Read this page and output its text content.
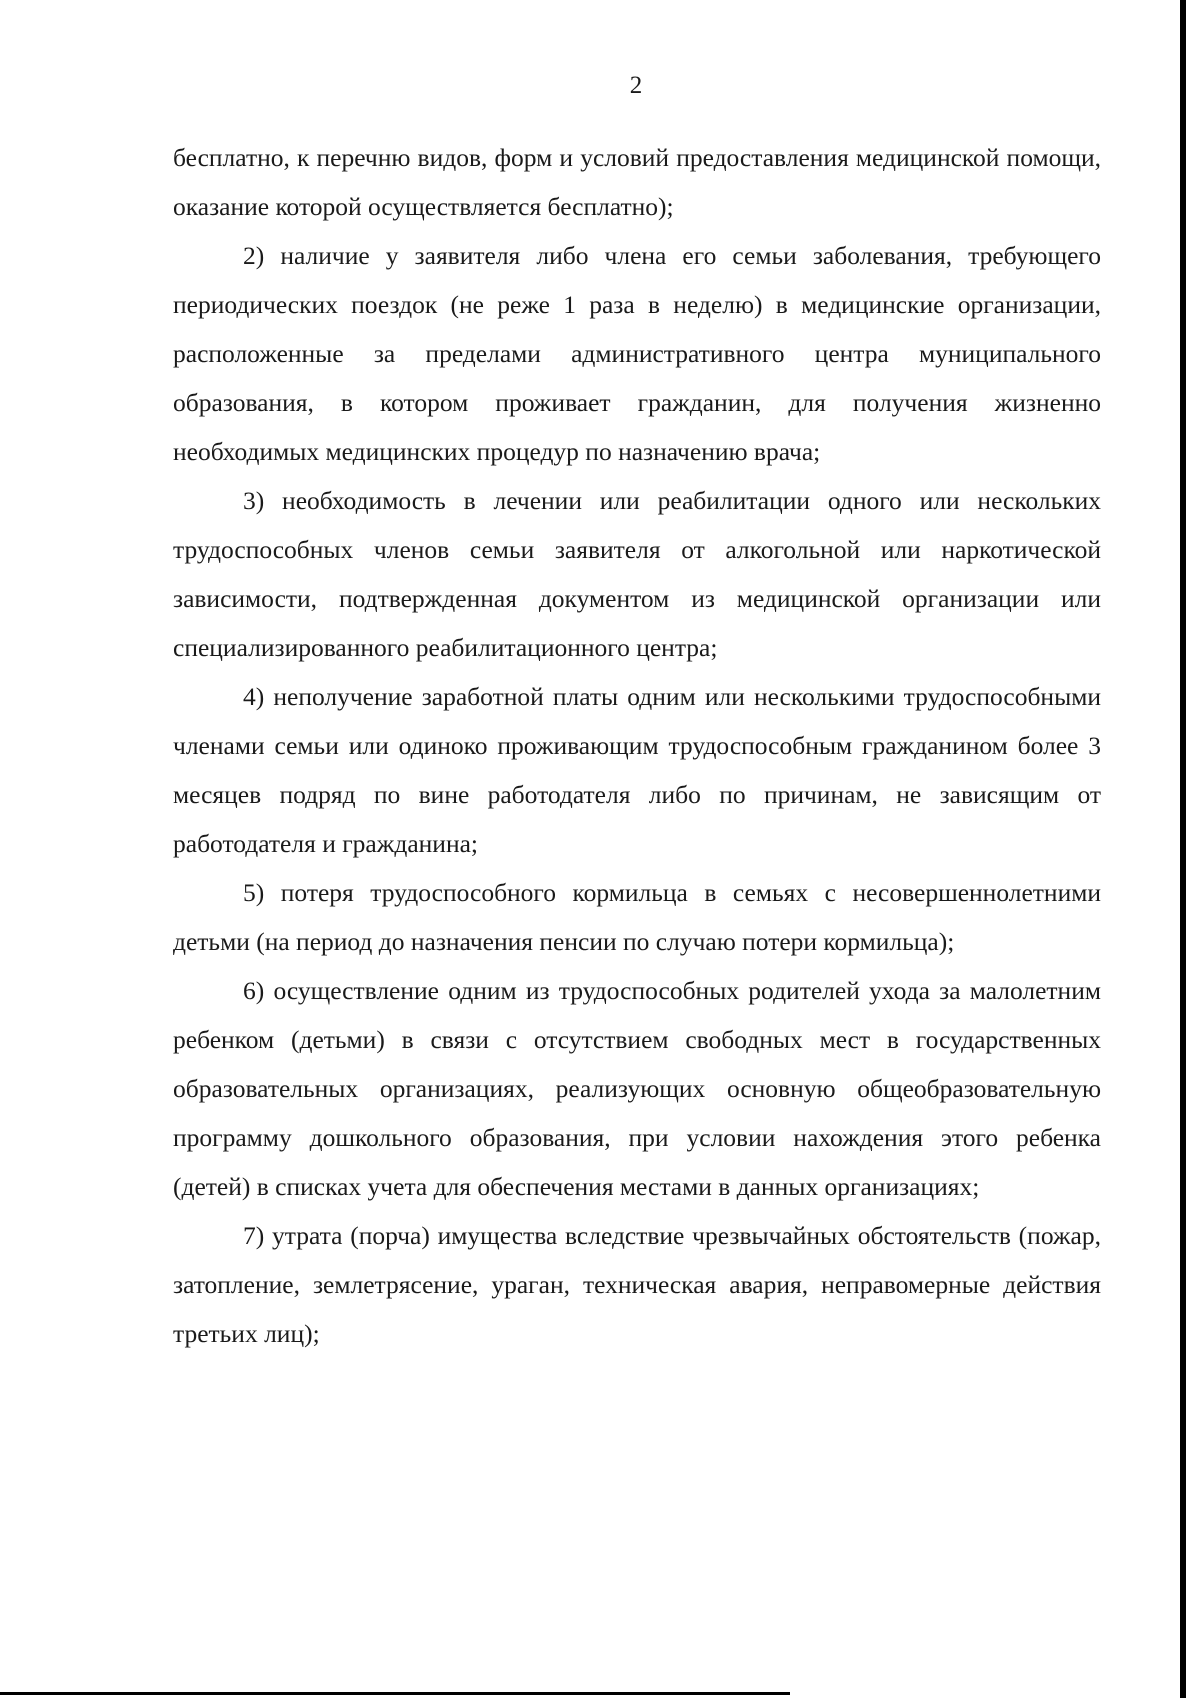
2

бесплатно, к перечню видов, форм и условий предоставления медицинской помощи, оказание которой осуществляется бесплатно);

2) наличие у заявителя либо члена его семьи заболевания, требующего периодических поездок (не реже 1 раза в неделю) в медицинские организации, расположенные за пределами административного центра муниципального образования, в котором проживает гражданин, для получения жизненно необходимых медицинских процедур по назначению врача;

3) необходимость в лечении или реабилитации одного или нескольких трудоспособных членов семьи заявителя от алкогольной или наркотической зависимости, подтвержденная документом из медицинской организации или специализированного реабилитационного центра;

4) неполучение заработной платы одним или несколькими трудоспособными членами семьи или одиноко проживающим трудоспособным гражданином более 3 месяцев подряд по вине работодателя либо по причинам, не зависящим от работодателя и гражданина;

5) потеря трудоспособного кормильца в семьях с несовершеннолетними детьми (на период до назначения пенсии по случаю потери кормильца);

6) осуществление одним из трудоспособных родителей ухода за малолетним ребенком (детьми) в связи с отсутствием свободных мест в государственных образовательных организациях, реализующих основную общеобразовательную программу дошкольного образования, при условии нахождения этого ребенка (детей) в списках учета для обеспечения местами в данных организациях;

7) утрата (порча) имущества вследствие чрезвычайных обстоятельств (пожар, затопление, землетрясение, ураган, техническая авария, неправомерные действия третьих лиц);
